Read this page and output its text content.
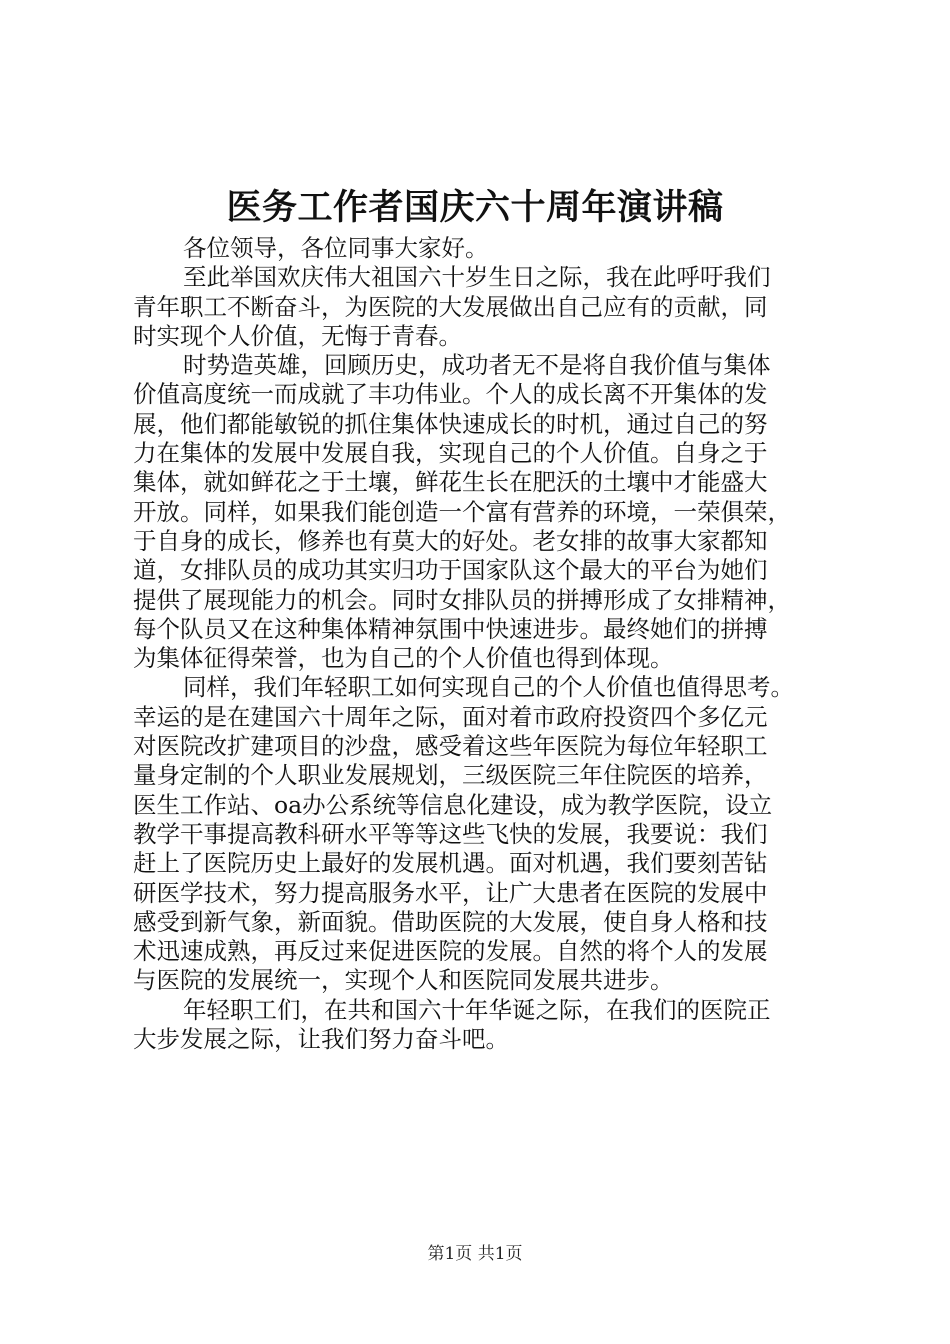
医务工作者国庆六十周年演讲稿
各位领导，各位同事大家好。
至此举国欢庆伟大祖国六十岁生日之际，我在此呼吁我们
青年职工不断奋斗，为医院的大发展做出自己应有的贡献，同
时实现个人价值，无悔于青春。
时势造英雄，回顾历史，成功者无不是将自我价值与集体
价值高度统一而成就了丰功伟业。个人的成长离不开集体的发
展，他们都能敏锐的抓住集体快速成长的时机，通过自己的努
力在集体的发展中发展自我，实现自己的个人价值。自身之于
集体，就如鲜花之于土壤，鲜花生长在肥沃的土壤中才能盛大
开放。同样，如果我们能创造一个富有营养的环境，一荣俱荣，
于自身的成长，修养也有莫大的好处。老女排的故事大家都知
道，女排队员的成功其实归功于国家队这个最大的平台为她们
提供了展现能力的机会。同时女排队员的拼搏形成了女排精神，
每个队员又在这种集体精神氛围中快速进步。最终她们的拼搏
为集体征得荣誉，也为自己的个人价值也得到体现。
同样，我们年轻职工如何实现自己的个人价值也值得思考。
幸运的是在建国六十周年之际，面对着市政府投资四个多亿元
对医院改扩建项目的沙盘，感受着这些年医院为每位年轻职工
量身定制的个人职业发展规划，三级医院三年住院医的培养，
医生工作站、oa办公系统等信息化建设，成为教学医院，设立
教学干事提高教科研水平等等这些飞快的发展，我要说：我们
赶上了医院历史上最好的发展机遇。面对机遇，我们要刻苦钻
研医学技术，努力提高服务水平，让广大患者在医院的发展中
感受到新气象，新面貌。借助医院的大发展，使自身人格和技
术迅速成熟，再反过来促进医院的发展。自然的将个人的发展
与医院的发展统一，实现个人和医院同发展共进步。
年轻职工们，在共和国六十年华诞之际，在我们的医院正
大步发展之际，让我们努力奋斗吧。
第1页 共1页
